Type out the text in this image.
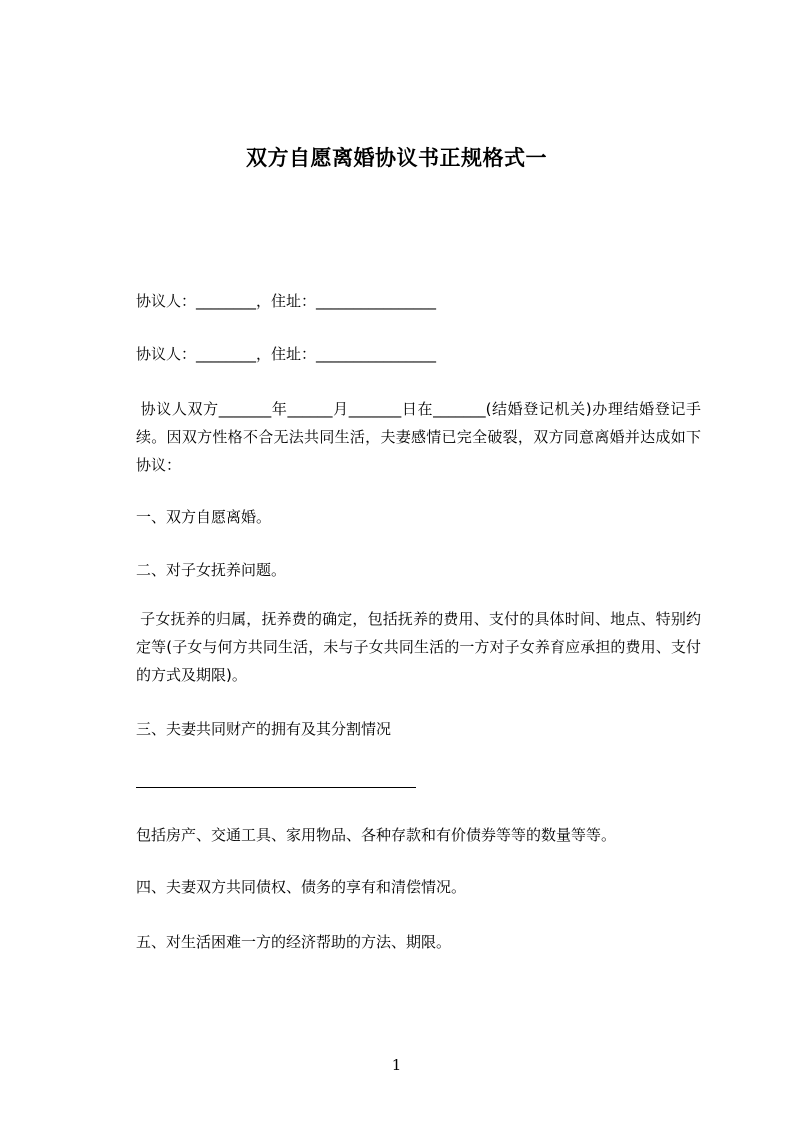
双方自愿离婚协议书正规格式一
协议人：________，住址：________________
协议人：________，住址：________________
协议人双方_______年______月_______日在_______(结婚登记机关)办理结婚登记手续。因双方性格不合无法共同生活，夫妻感情已完全破裂，双方同意离婚并达成如下协议：
一、双方自愿离婚。
二、对子女抚养问题。
子女抚养的归属，抚养费的确定，包括抚养的费用、支付的具体时间、地点、特别约定等(子女与何方共同生活，未与子女共同生活的一方对子女养育应承担的费用、支付的方式及期限)。
三、夫妻共同财产的拥有及其分割情况
包括房产、交通工具、家用物品、各种存款和有价债券等等的数量等等。
四、夫妻双方共同债权、债务的享有和清偿情况。
五、对生活困难一方的经济帮助的方法、期限。
1
